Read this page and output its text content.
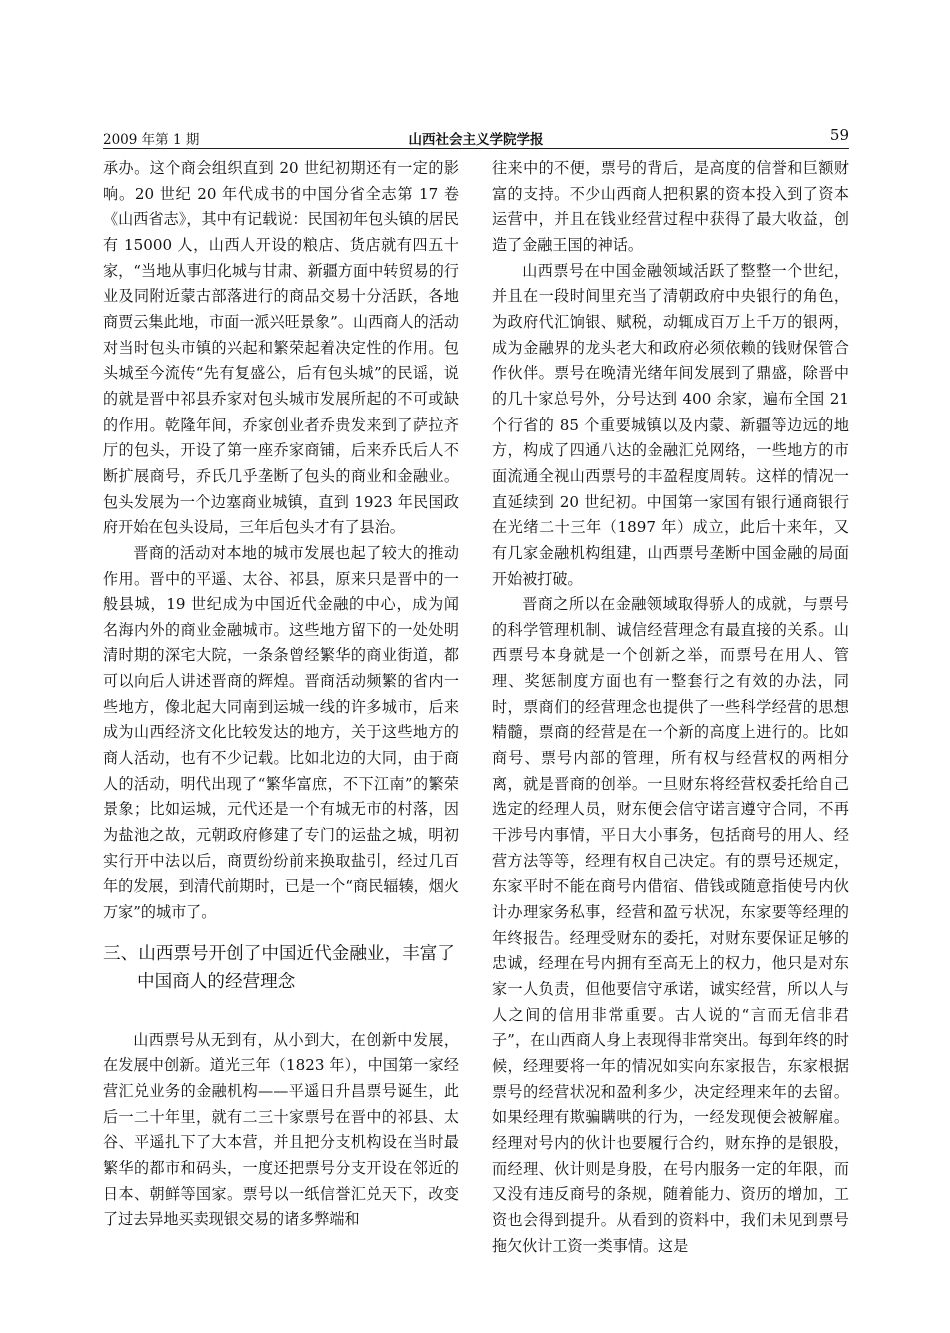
2009 年第 1 期	山西社会主义学院学报	59

承办。这个商会组织直到 20 世纪初期还有一定的影响。20 世纪 20 年代成书的中国分省全志第 17 卷《山西省志》，其中有记载说：民国初年包头镇的居民有 15000 人，山西人开设的粮店、货店就有四五十家，“当地从事归化城与甘肃、新疆方面中转贸易的行业及同附近蒙古部落进行的商品交易十分活跃，各地商贾云集此地，市面一派兴旺景象”。山西商人的活动对当时包头市镇的兴起和繁荣起着决定性的作用。包头城至今流传“先有复盛公，后有包头城”的民谣，说的就是晋中祁县乔家对包头城市发展所起的不可或缺的作用。乾隆年间，乔家创业者乔贵发来到了萨拉齐厅的包头，开设了第一座乔家商铺，后来乔氏后人不断扩展商号，乔氏几乎垄断了包头的商业和金融业。包头发展为一个边塞商业城镇，直到 1923 年民国政府开始在包头设局，三年后包头才有了县治。

晋商的活动对本地的城市发展也起了较大的推动作用。晋中的平遥、太谷、祁县，原来只是晋中的一般县城，19 世纪成为中国近代金融的中心，成为闻名海内外的商业金融城市。这些地方留下的一处处明清时期的深宅大院，一条条曾经繁华的商业街道，都可以向后人讲述晋商的辉煌。晋商活动频繁的省内一些地方，像北起大同南到运城一线的许多城市，后来成为山西经济文化比较发达的地方，关于这些地方的商人活动，也有不少记载。比如北边的大同，由于商人的活动，明代出现了“繁华富庶，不下江南”的繁荣景象；比如运城，元代还是一个有城无市的村落，因为盐池之故，元朝政府修建了专门的运盐之城，明初实行开中法以后，商贾纷纷前来换取盐引，经过几百年的发展，到清代前期时，已是一个“商民辐辏，烟火万家”的城市了。

三、山西票号开创了中国近代金融业，丰富了中国商人的经营理念

山西票号从无到有，从小到大，在创新中发展，在发展中创新。道光三年（1823 年），中国第一家经营汇兑业务的金融机构——平遥日升昌票号诞生，此后一二十年里，就有二三十家票号在晋中的祁县、太谷、平遥扎下了大本营，并且把分支机构设在当时最繁华的都市和码头，一度还把票号分支开设在邻近的日本、朝鲜等国家。票号以一纸信誉汇兑天下，改变了过去异地买卖现银交易的诸多弊端和

往来中的不便，票号的背后，是高度的信誉和巨额财富的支持。不少山西商人把积累的资本投入到了资本运营中，并且在钱业经营过程中获得了最大收益，创造了金融王国的神话。

山西票号在中国金融领域活跃了整整一个世纪，并且在一段时间里充当了清朝政府中央银行的角色，为政府代汇饷银、赋税，动辄成百万上千万的银两，成为金融界的龙头老大和政府必须依赖的钱财保管合作伙伴。票号在晚清光绪年间发展到了鼎盛，除晋中的几十家总号外，分号达到 400 余家，遍布全国 21 个行省的 85 个重要城镇以及内蒙、新疆等边远的地方，构成了四通八达的金融汇兑网络，一些地方的市面流通全视山西票号的丰盈程度周转。这样的情况一直延续到 20 世纪初。中国第一家国有银行通商银行在光绪二十三年（1897 年）成立，此后十来年，又有几家金融机构组建，山西票号垄断中国金融的局面开始被打破。

晋商之所以在金融领域取得骄人的成就，与票号的科学管理机制、诚信经营理念有最直接的关系。山西票号本身就是一个创新之举，而票号在用人、管理、奖惩制度方面也有一整套行之有效的办法，同时，票商们的经营理念也提供了一些科学经营的思想精髓，票商的经营是在一个新的高度上进行的。比如商号、票号内部的管理，所有权与经营权的两相分离，就是晋商的创举。一旦财东将经营权委托给自己选定的经理人员，财东便会信守诺言遵守合同，不再干涉号内事情，平日大小事务，包括商号的用人、经营方法等等，经理有权自己决定。有的票号还规定，东家平时不能在商号内借宿、借钱或随意指使号内伙计办理家务私事，经营和盈亏状况，东家要等经理的年终报告。经理受财东的委托，对财东要保证足够的忠诚，经理在号内拥有至高无上的权力，他只是对东家一人负责，但他要信守承诺，诚实经营，所以人与人之间的信用非常重要。古人说的“言而无信非君子”，在山西商人身上表现得非常突出。每到年终的时候，经理要将一年的情况如实向东家报告，东家根据票号的经营状况和盈利多少，决定经理来年的去留。如果经理有欺骗瞒哄的行为，一经发现便会被解雇。经理对号内的伙计也要履行合约，财东挣的是银股，而经理、伙计则是身股，在号内服务一定的年限，而又没有违反商号的条规，随着能力、资历的增加，工资也会得到提升。从看到的资料中，我们未见到票号拖欠伙计工资一类事情。这是
